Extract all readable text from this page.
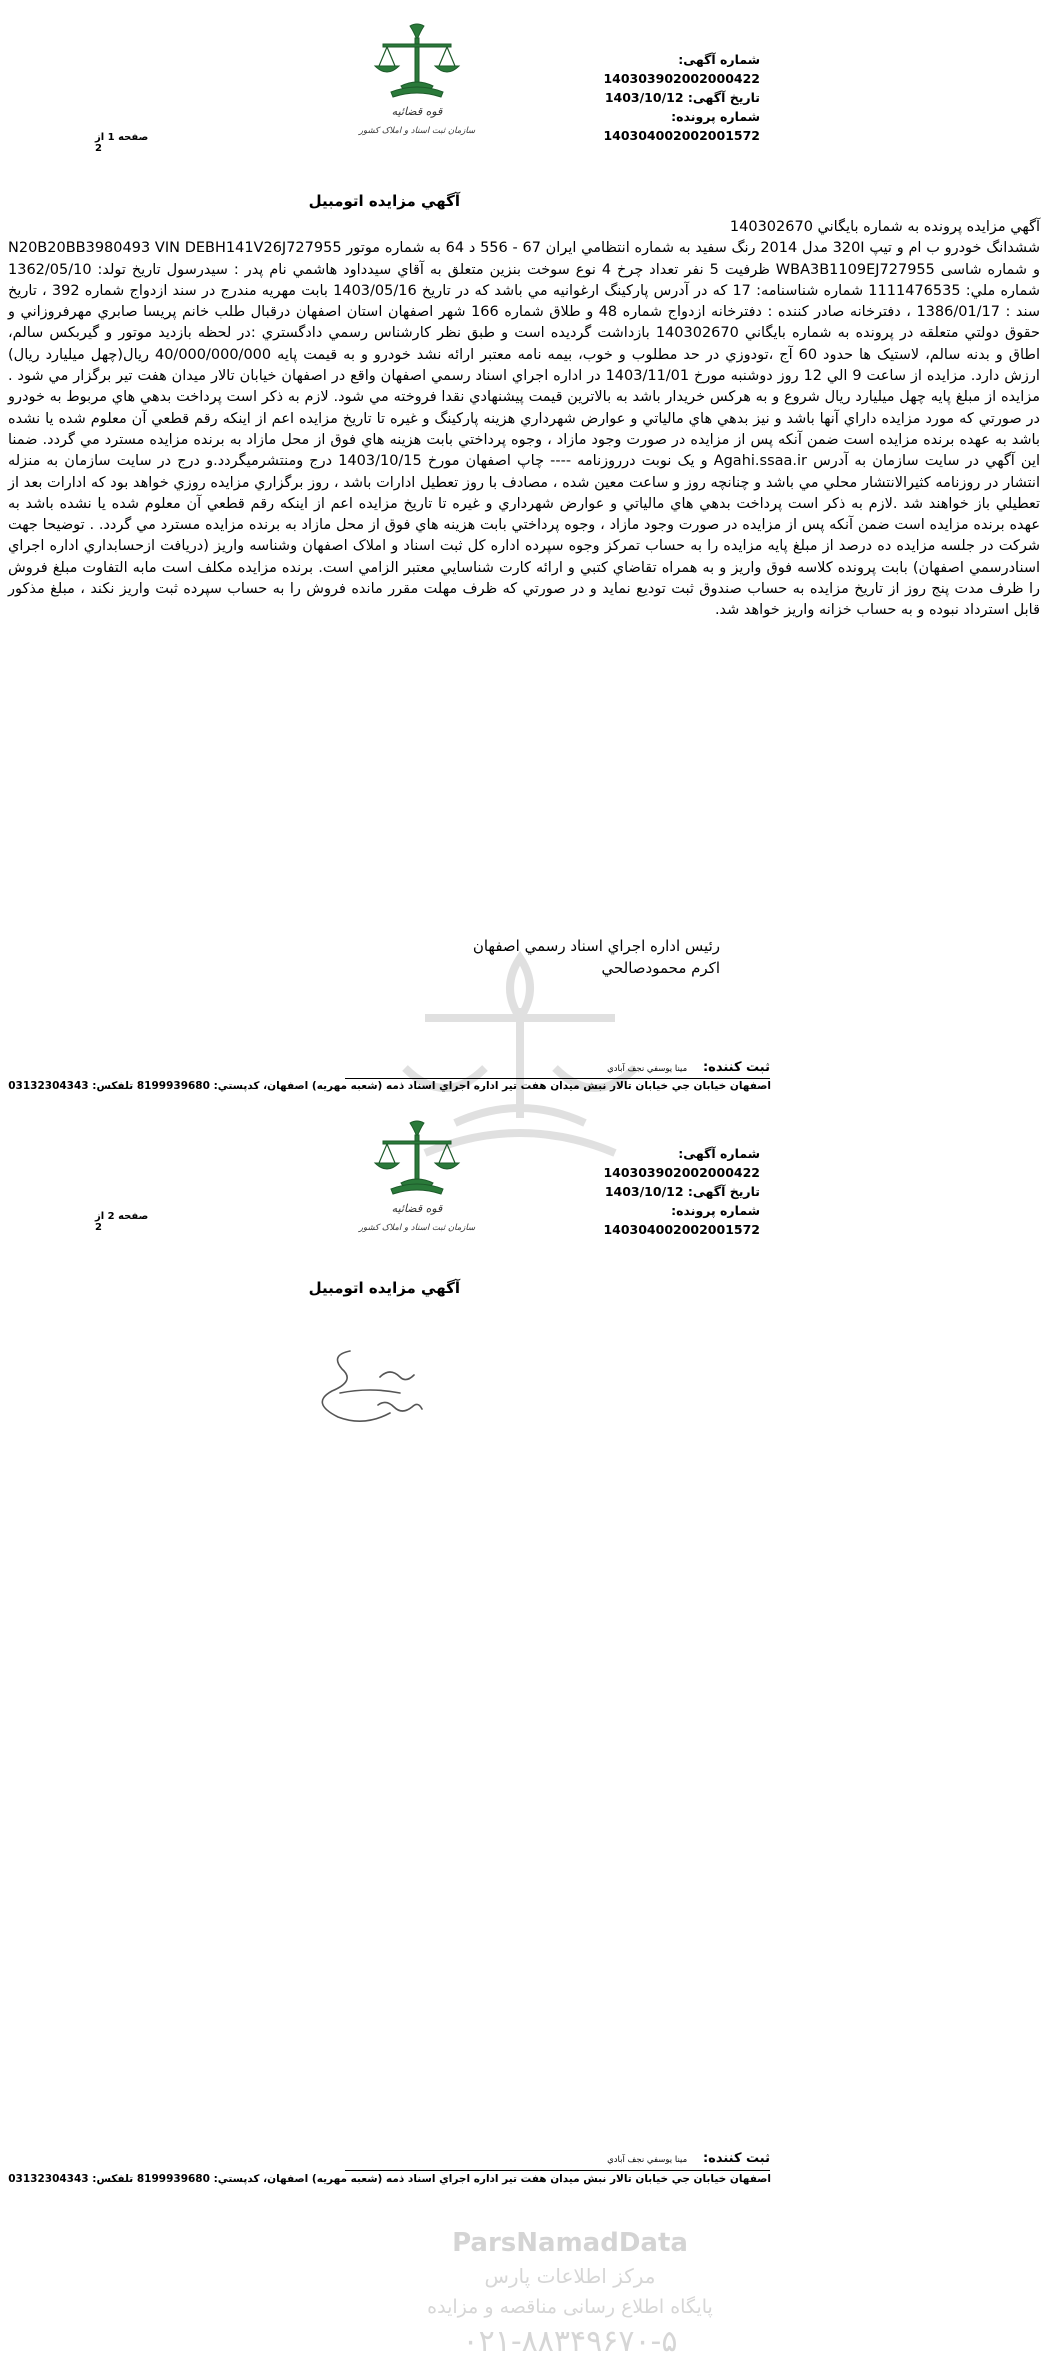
قوه قضائیه
سازمان ثبت اسناد و املاک کشور
شماره آگهی: 140303902002000422
تاریخ آگهی: 1403/10/12
شماره پرونده: 140304002002001572
صفحه 1 از 2
آگهي مزايده اتومبيل

آگهي مزايده پرونده به شماره بايگاني 140302670

ششدانگ خودرو ب ام و تيپ 320I مدل 2014 رنگ سفيد به شماره انتظامي ايران 67 - 556 د 64 به شماره موتور N20B20BB3980493 VIN DEBH141V26J727955 و شماره شاسی WBA3B1109EJ727955 ظرفيت 5 نفر تعداد چرخ 4 نوع سوخت بنزين متعلق به آقاي سيدداود هاشمي نام پدر : سيدرسول تاريخ تولد: 1362/05/10 شماره ملي: 1111476535 شماره شناسنامه: 17 كه در آدرس پاركينگ ارغوانيه مي باشد كه در تاريخ 1403/05/16 بابت مهريه مندرج در سند ازدواج شماره 392 ، تاريخ سند : 1386/01/17 ، دفترخانه صادر كننده : دفترخانه ازدواج شماره 48 و طلاق شماره 166 شهر اصفهان استان اصفهان درقبال طلب خانم پريسا صابري مهرفروزاني و حقوق دولتي متعلقه در پرونده به شماره بايگاني 140302670 بازداشت گرديده است و طبق نظر كارشناس رسمي دادگستري :در لحظه بازديد موتور و گيربكس سالم، اطاق و بدنه سالم، لاستيک ها حدود 60 آج ،تودوزي در حد مطلوب و خوب، بيمه نامه معتبر ارائه نشد خودرو و به قيمت پايه 40/000/000/000 ريال(چهل ميليارد ريال) ارزش دارد. مزايده از ساعت 9 الي 12 روز دوشنبه مورخ 1403/11/01 در اداره اجراي اسناد رسمي اصفهان واقع در اصفهان خيابان تالار ميدان هفت تير برگزار مي شود . مزايده از مبلغ پايه چهل ميليارد ريال شروع و به هركس خريدار باشد به بالاترين قيمت پيشنهادي نقدا فروخته مي شود. لازم به ذكر است پرداخت بدهي هاي مربوط به خودرو در صورتي كه مورد مزايده داراي آنها باشد و نيز بدهي هاي مالياتي و عوارض شهرداري هزينه پاركينگ و غيره تا تاريخ مزايده اعم از اينكه رقم قطعي آن معلوم شده يا نشده باشد به عهده برنده مزايده است ضمن آنكه پس از مزايده در صورت وجود مازاد ، وجوه پرداختي بابت هزينه هاي فوق از محل مازاد به برنده مزايده مسترد مي گردد. ضمنا اين آگهي در سايت سازمان به آدرس Agahi.ssaa.ir و يک نوبت درروزنامه ---- چاپ اصفهان مورخ 1403/10/15 درج ومنتشرميگردد.و درج در سايت سازمان به منزله انتشار در روزنامه كثيرالانتشار محلي مي باشد و چنانچه روز و ساعت معين شده ، مصادف با روز تعطيل ادارات باشد ، روز برگزاري مزايده روزي خواهد بود كه ادارات بعد از تعطيلي باز خواهند شد .لازم به ذكر است پرداخت بدهي هاي مالياتي و عوارض شهرداري و غيره تا تاريخ مزايده اعم از اينكه رقم قطعي آن معلوم شده يا نشده باشد به عهده برنده مزايده است ضمن آنكه پس از مزايده در صورت وجود مازاد ، وجوه پرداختي بابت هزينه هاي فوق از محل مازاد به برنده مزايده مسترد مي گردد. . توضيحا جهت شركت در جلسه مزايده ده درصد از مبلغ پايه مزايده را به حساب تمركز وجوه سپرده اداره كل ثبت اسناد و املاک اصفهان وشناسه واريز (دريافت ازحسابداري اداره اجراي اسنادرسمي اصفهان) بابت پرونده كلاسه فوق واريز و به همراه تقاضاي كتبي و ارائه كارت شناسايي معتبر الزامي است. برنده مزايده مكلف است مابه التفاوت مبلغ فروش را ظرف مدت پنج روز از تاريخ مزايده به حساب صندوق ثبت توديع نمايد و در صورتي كه ظرف مهلت مقرر مانده فروش را به حساب سپرده ثبت واريز نكند ، مبلغ مذكور قابل استرداد نبوده و به حساب خزانه واريز خواهد شد.

رئيس اداره اجراي اسناد رسمي اصفهان
اكرم محمودصالحي
ثبت کننده: مينا يوسفي نجف آبادي
اصفهان خيابان جي خيابان تالار نبش ميدان هفت تير اداره اجراي اسناد ذمه (شعبه مهريه) اصفهان، کدپستي: 8199939680 تلفکس: 03132304343
قوه قضائیه
سازمان ثبت اسناد و املاک کشور
ParsNamadData
مرکز اطلاعات پارس
پایگاه اطلاع رسانی مناقصه و مزایده
۰۲۱-۸۸۳۴۹۶۷۰-۵
شماره آگهی: 140303902002000422
تاریخ آگهی: 1403/10/12
شماره پرونده: 140304002002001572
صفحه 2 از 2
آگهي مزايده اتومبيل
ثبت کننده: مينا يوسفي نجف آبادي
اصفهان خيابان جي خيابان تالار نبش ميدان هفت تير اداره اجراي اسناد ذمه (شعبه مهريه) اصفهان، کدپستي: 8199939680 تلفکس: 03132304343
